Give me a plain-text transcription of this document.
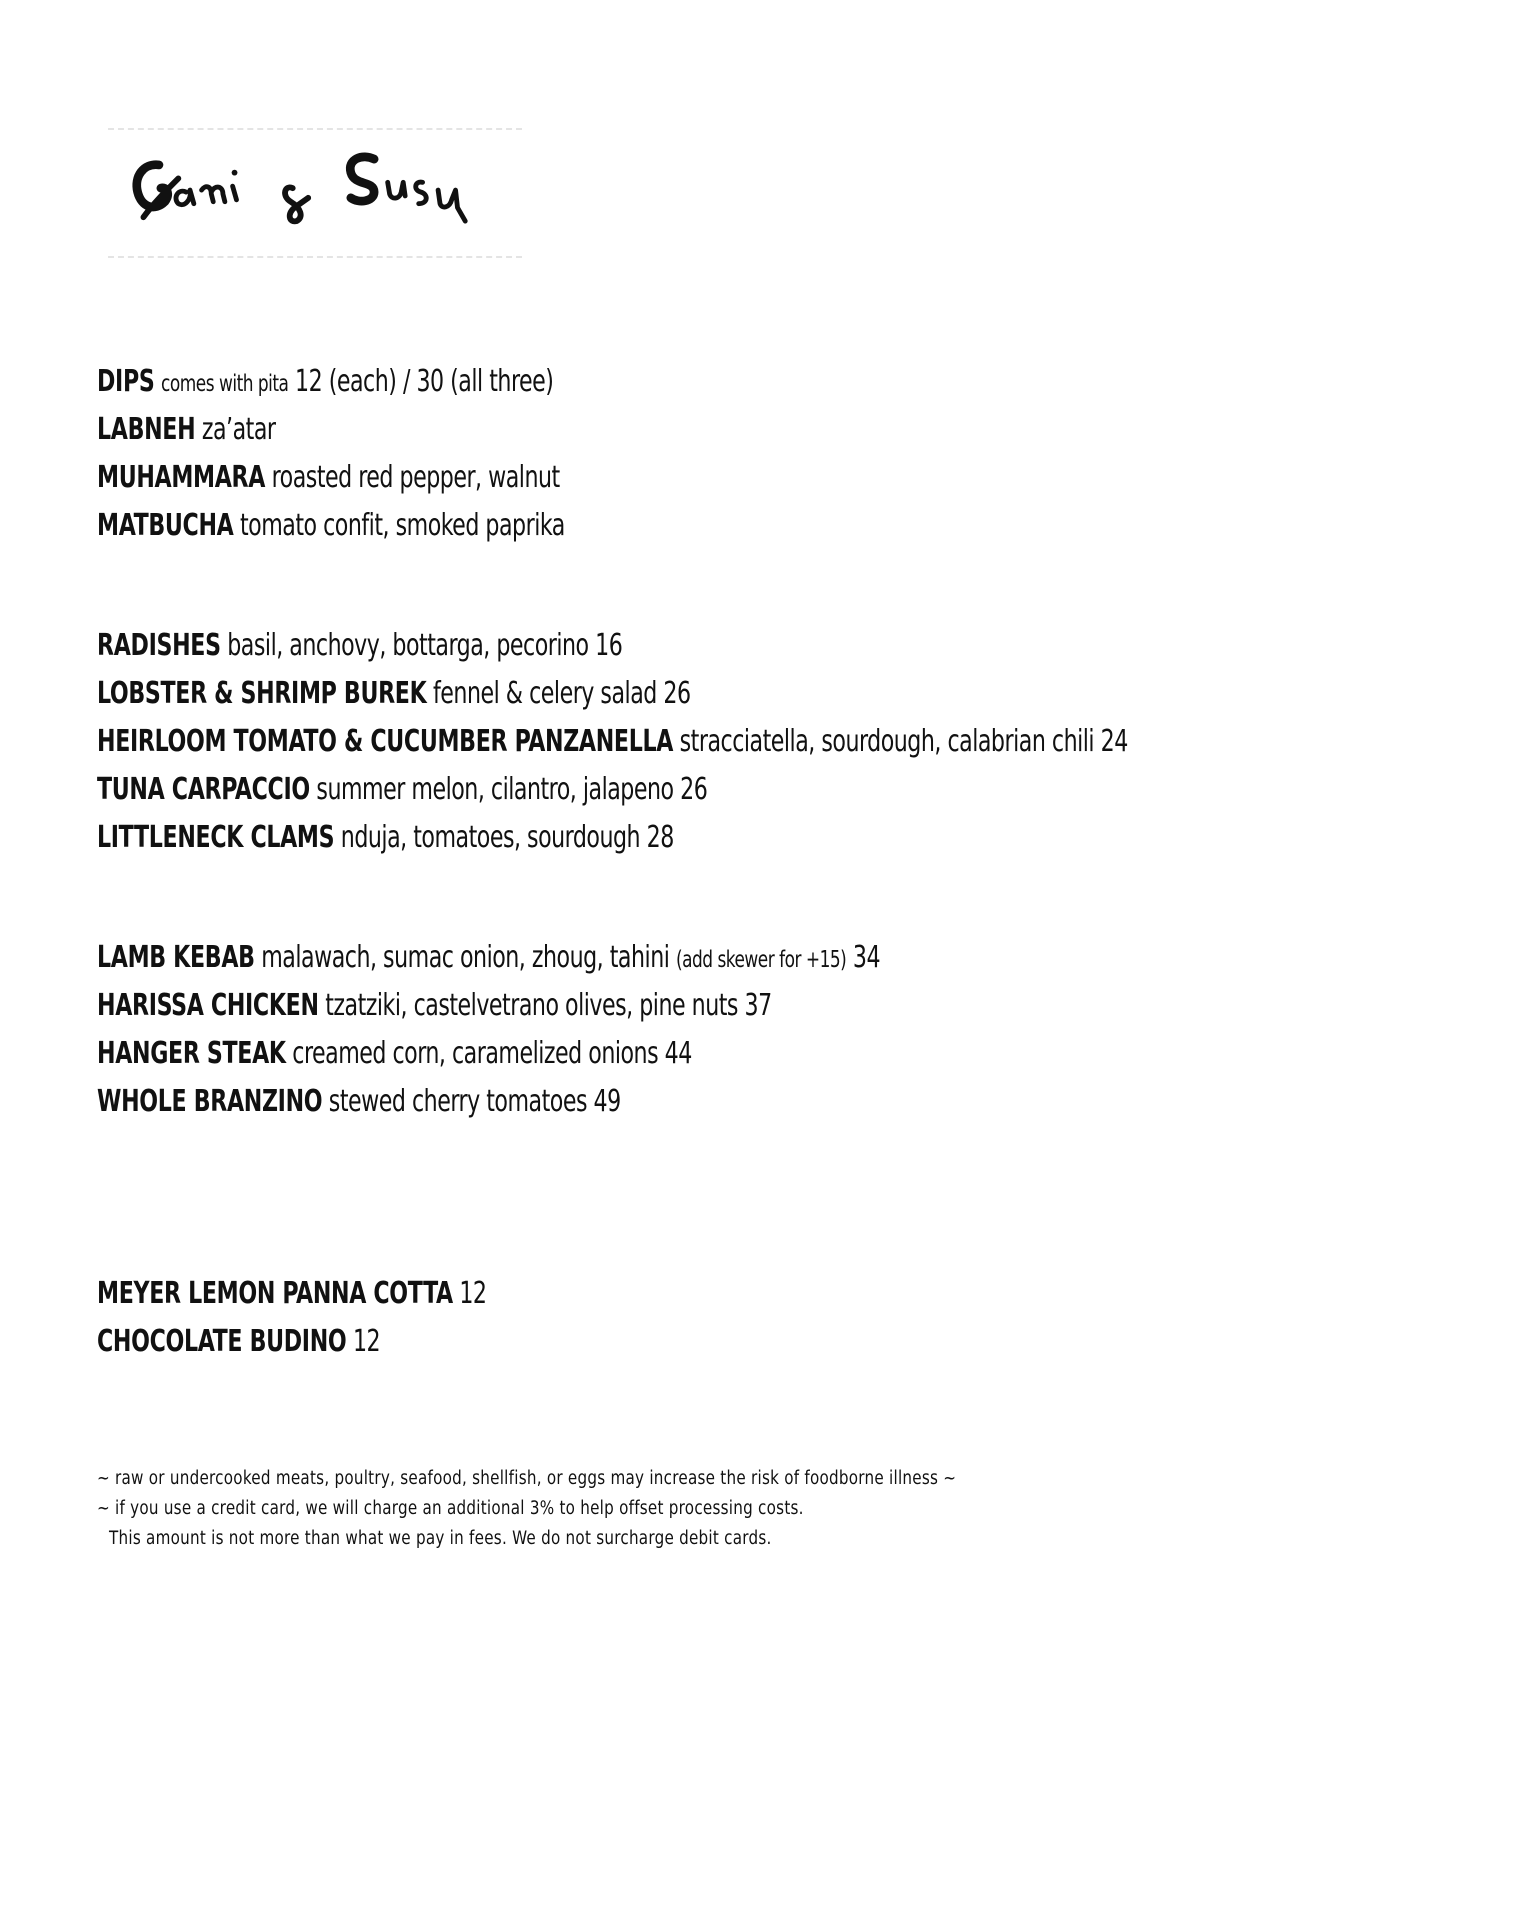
DIPS comes with pita 12 (each) / 30 (all three)
LABNEH za’atar
MUHAMMARA roasted red pepper, walnut
MATBUCHA tomato confit, smoked paprika
RADISHES basil, anchovy, bottarga, pecorino 16
LOBSTER & SHRIMP BUREK fennel & celery salad 26
HEIRLOOM TOMATO & CUCUMBER PANZANELLA stracciatella, sourdough, calabrian chili 24
TUNA CARPACCIO summer melon, cilantro, jalapeno 26
LITTLENECK CLAMS nduja, tomatoes, sourdough 28
LAMB KEBAB malawach, sumac onion, zhoug, tahini (add skewer for +15) 34
HARISSA CHICKEN tzatziki, castelvetrano olives, pine nuts 37
HANGER STEAK creamed corn, caramelized onions 44
WHOLE BRANZINO stewed cherry tomatoes 49
MEYER LEMON PANNA COTTA 12
CHOCOLATE BUDINO 12
~ raw or undercooked meats, poultry, seafood, shellfish, or eggs may increase the risk of foodborne illness ~
~ if you use a credit card, we will charge an additional 3% to help offset processing costs.
This amount is not more than what we pay in fees. We do not surcharge debit cards.
